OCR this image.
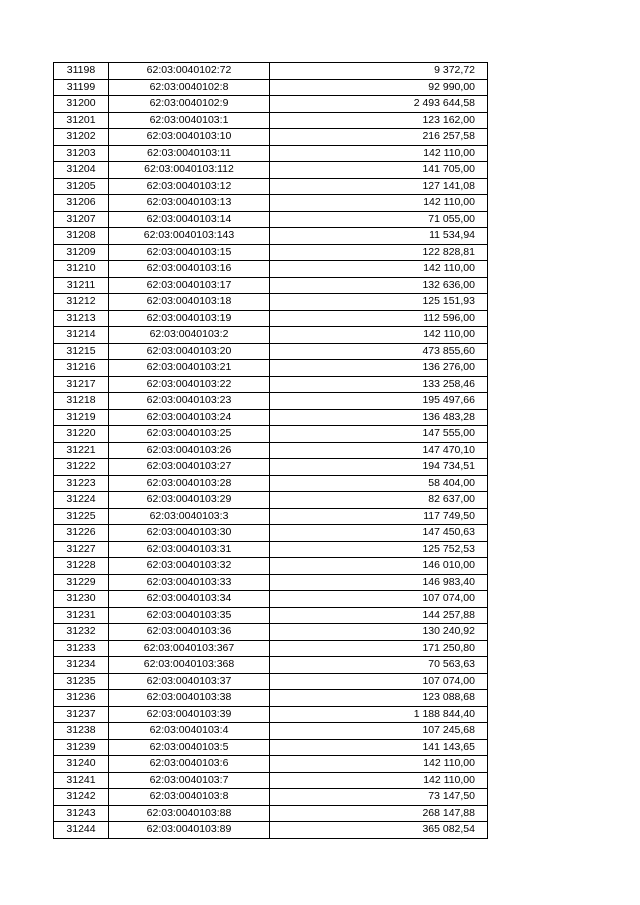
31198	62:03:0040102:72	9 372,72
31199	62:03:0040102:8	92 990,00
31200	62:03:0040102:9	2 493 644,58
31201	62:03:0040103:1	123 162,00
31202	62:03:0040103:10	216 257,58
31203	62:03:0040103:11	142 110,00
31204	62:03:0040103:112	141 705,00
31205	62:03:0040103:12	127 141,08
31206	62:03:0040103:13	142 110,00
31207	62:03:0040103:14	71 055,00
31208	62:03:0040103:143	11 534,94
31209	62:03:0040103:15	122 828,81
31210	62:03:0040103:16	142 110,00
31211	62:03:0040103:17	132 636,00
31212	62:03:0040103:18	125 151,93
31213	62:03:0040103:19	112 596,00
31214	62:03:0040103:2	142 110,00
31215	62:03:0040103:20	473 855,60
31216	62:03:0040103:21	136 276,00
31217	62:03:0040103:22	133 258,46
31218	62:03:0040103:23	195 497,66
31219	62:03:0040103:24	136 483,28
31220	62:03:0040103:25	147 555,00
31221	62:03:0040103:26	147 470,10
31222	62:03:0040103:27	194 734,51
31223	62:03:0040103:28	58 404,00
31224	62:03:0040103:29	82 637,00
31225	62:03:0040103:3	117 749,50
31226	62:03:0040103:30	147 450,63
31227	62:03:0040103:31	125 752,53
31228	62:03:0040103:32	146 010,00
31229	62:03:0040103:33	146 983,40
31230	62:03:0040103:34	107 074,00
31231	62:03:0040103:35	144 257,88
31232	62:03:0040103:36	130 240,92
31233	62:03:0040103:367	171 250,80
31234	62:03:0040103:368	70 563,63
31235	62:03:0040103:37	107 074,00
31236	62:03:0040103:38	123 088,68
31237	62:03:0040103:39	1 188 844,40
31238	62:03:0040103:4	107 245,68
31239	62:03:0040103:5	141 143,65
31240	62:03:0040103:6	142 110,00
31241	62:03:0040103:7	142 110,00
31242	62:03:0040103:8	73 147,50
31243	62:03:0040103:88	268 147,88
31244	62:03:0040103:89	365 082,54
